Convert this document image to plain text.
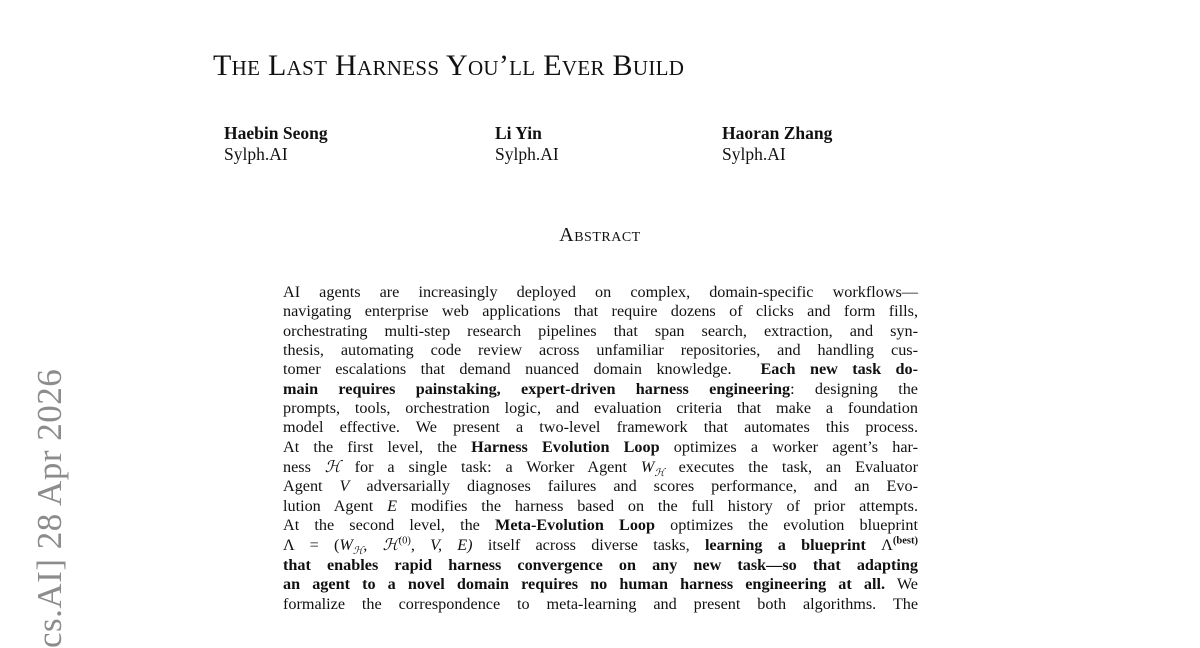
cs.AI] 28 Apr 2026
The Last Harness You’ll Ever Build
Haebin Seong
Sylph.AI
Li Yin
Sylph.AI
Haoran Zhang
Sylph.AI
Abstract
AI agents are increasingly deployed on complex, domain-specific workflows—
navigating enterprise web applications that require dozens of clicks and form fills,
orchestrating multi-step research pipelines that span search, extraction, and syn-
thesis, automating code review across unfamiliar repositories, and handling cus-
tomer escalations that demand nuanced domain knowledge. Each new task do-
main requires painstaking, expert-driven harness engineering: designing the
prompts, tools, orchestration logic, and evaluation criteria that make a foundation
model effective. We present a two-level framework that automates this process.
At the first level, the Harness Evolution Loop optimizes a worker agent’s har-
ness ℋ for a single task: a Worker Agent $W_ℋ$ executes the task, an Evaluator
Agent V adversarially diagnoses failures and scores performance, and an Evo-
lution Agent E modifies the harness based on the full history of prior attempts.
At the second level, the Meta-Evolution Loop optimizes the evolution blueprint
$\Lambda = (W_ℋ$, ℋ$^{(0)}$, V, E) itself across diverse tasks, learning a blueprint $\Lambda^{(best)}$
that enables rapid harness convergence on any new task—so that adapting
an agent to a novel domain requires no human harness engineering at all. We
formalize the correspondence to meta-learning and present both algorithms. The
